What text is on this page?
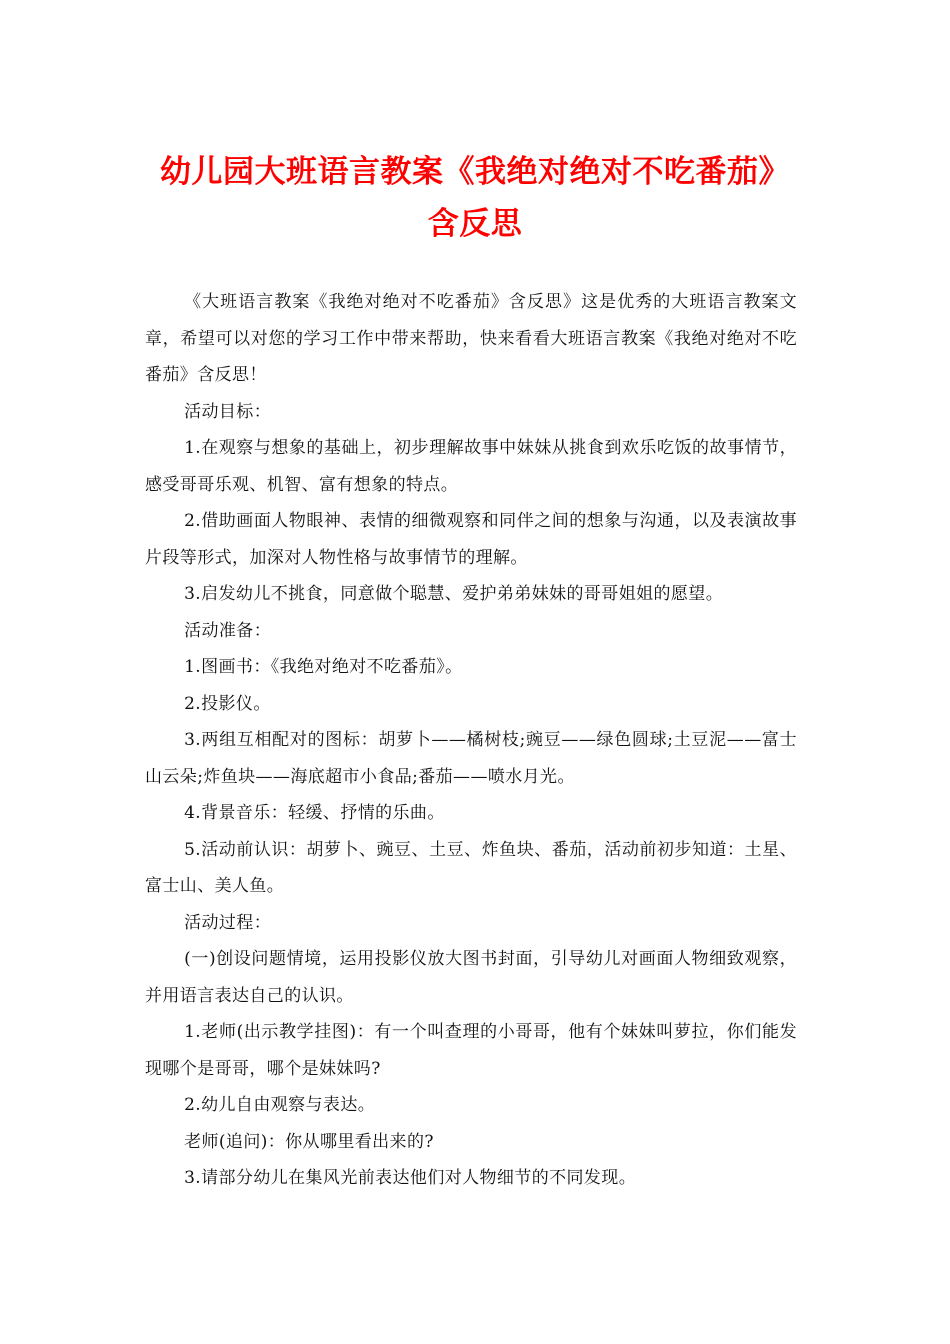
幼儿园大班语言教案《我绝对绝对不吃番茄》含反思

《大班语言教案《我绝对绝对不吃番茄》含反思》这是优秀的大班语言教案文章，希望可以对您的学习工作中带来帮助，快来看看大班语言教案《我绝对绝对不吃番茄》含反思！

活动目标：

1.在观察与想象的基础上，初步理解故事中妹妹从挑食到欢乐吃饭的故事情节，感受哥哥乐观、机智、富有想象的特点。

2.借助画面人物眼神、表情的细微观察和同伴之间的想象与沟通，以及表演故事片段等形式，加深对人物性格与故事情节的理解。

3.启发幼儿不挑食，同意做个聪慧、爱护弟弟妹妹的哥哥姐姐的愿望。

活动准备：

1.图画书：《我绝对绝对不吃番茄》。

2.投影仪。

3.两组互相配对的图标：胡萝卜——橘树枝;豌豆——绿色圆球;土豆泥——富士山云朵;炸鱼块——海底超市小食品;番茄——喷水月光。

4.背景音乐：轻缓、抒情的乐曲。

5.活动前认识：胡萝卜、豌豆、土豆、炸鱼块、番茄，活动前初步知道：土星、富士山、美人鱼。

活动过程：

(一)创设问题情境，运用投影仪放大图书封面，引导幼儿对画面人物细致观察，并用语言表达自己的认识。

1.老师(出示教学挂图)：有一个叫查理的小哥哥，他有个妹妹叫萝拉，你们能发现哪个是哥哥，哪个是妹妹吗?

2.幼儿自由观察与表达。

老师(追问)：你从哪里看出来的?

3.请部分幼儿在集风光前表达他们对人物细节的不同发现。
